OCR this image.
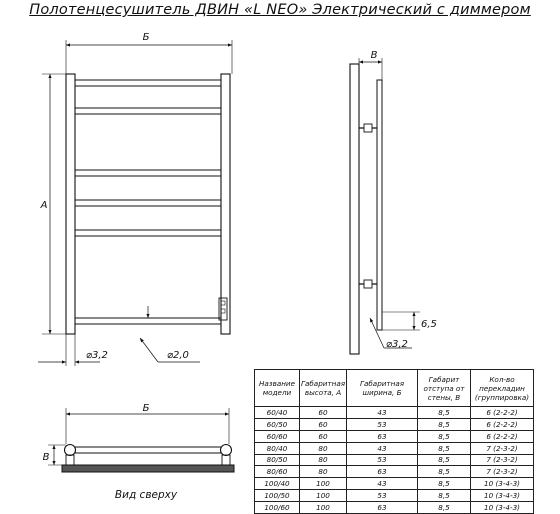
Полотенцесушитель ДВИН «L NEO» Электрический с диммером
Б
А
⌀3,2	⌀2,0
В
6,5
⌀3,2
Б
В
Вид сверху
Название модели	Габаритная высота, А	Габаритная ширина, Б	Габарит отступа от стены, В	Кол-во перекладин (группировка)
60/40	60	43	8,5	6 (2-2-2)
60/50	60	53	8,5	6 (2-2-2)
60/60	60	63	8,5	6 (2-2-2)
80/40	80	43	8,5	7 (2-3-2)
80/50	80	53	8,5	7 (2-3-2)
80/60	80	63	8,5	7 (2-3-2)
100/40	100	43	8,5	10 (3-4-3)
100/50	100	53	8,5	10 (3-4-3)
100/60	100	63	8,5	10 (3-4-3)
